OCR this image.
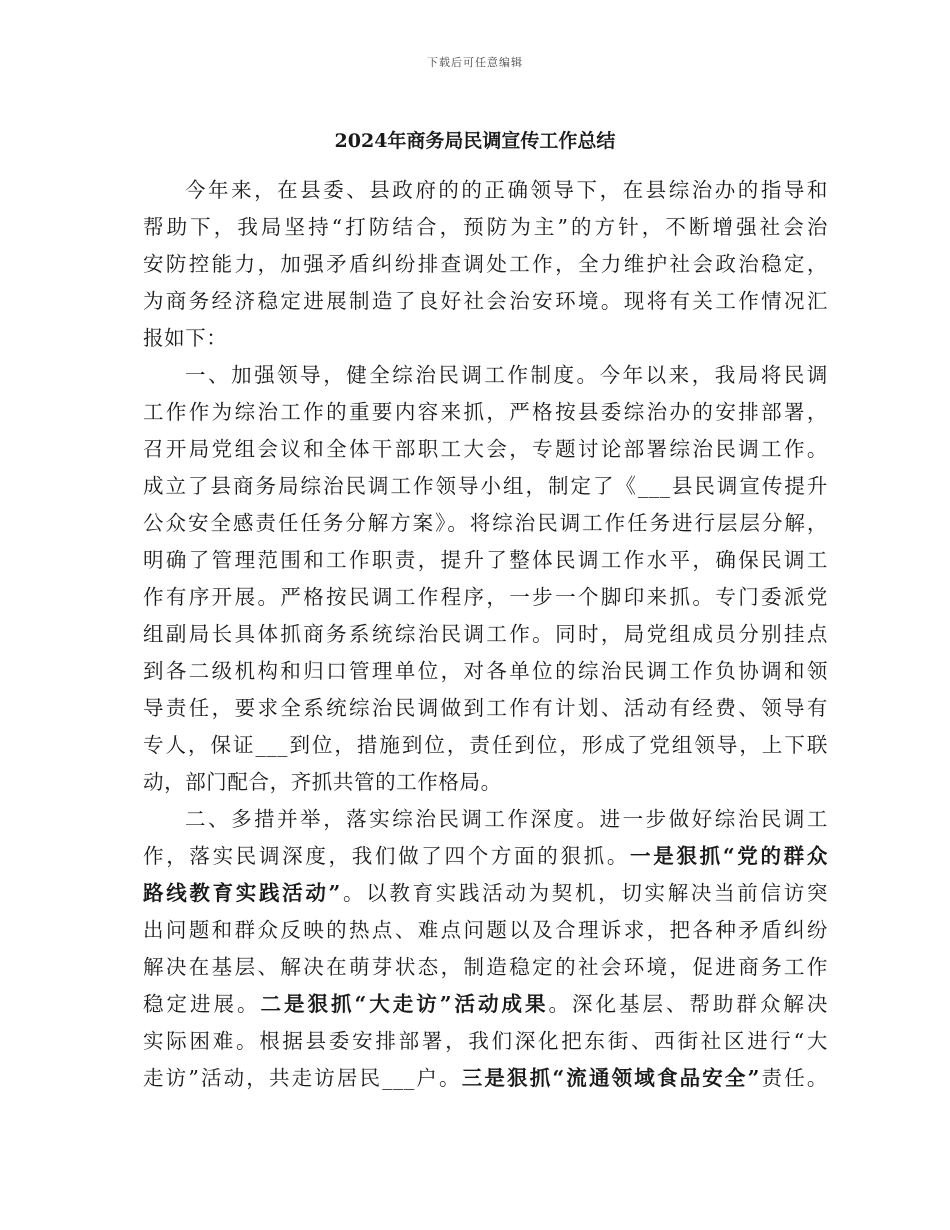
下载后可任意编辑
2024年商务局民调宣传工作总结
今年来，在县委、县政府的的正确领导下，在县综治办的指导和
帮助下，我局坚持“打防结合，预防为主”的方针，不断增强社会治
安防控能力，加强矛盾纠纷排查调处工作，全力维护社会政治稳定，
为商务经济稳定进展制造了良好社会治安环境。现将有关工作情况汇
报如下：
一、加强领导，健全综治民调工作制度。今年以来，我局将民调
工作作为综治工作的重要内容来抓，严格按县委综治办的安排部署，
召开局党组会议和全体干部职工大会，专题讨论部署综治民调工作。
成立了县商务局综治民调工作领导小组，制定了《___县民调宣传提升
公众安全感责任任务分解方案》。将综治民调工作任务进行层层分解，
明确了管理范围和工作职责，提升了整体民调工作水平，确保民调工
作有序开展。严格按民调工作程序，一步一个脚印来抓。专门委派党
组副局长具体抓商务系统综治民调工作。同时，局党组成员分别挂点
到各二级机构和归口管理单位，对各单位的综治民调工作负协调和领
导责任，要求全系统综治民调做到工作有计划、活动有经费、领导有
专人，保证___到位，措施到位，责任到位，形成了党组领导，上下联
动，部门配合，齐抓共管的工作格局。
二、多措并举，落实综治民调工作深度。进一步做好综治民调工
作，落实民调深度，我们做了四个方面的狠抓。一是狠抓“党的群众
路线教育实践活动”。以教育实践活动为契机，切实解决当前信访突
出问题和群众反映的热点、难点问题以及合理诉求，把各种矛盾纠纷
解决在基层、解决在萌芽状态，制造稳定的社会环境，促进商务工作
稳定进展。二是狠抓“大走访”活动成果。深化基层、帮助群众解决
实际困难。根据县委安排部署，我们深化把东街、西街社区进行“大
走访”活动，共走访居民___户。三是狠抓“流通领域食品安全”责任。
